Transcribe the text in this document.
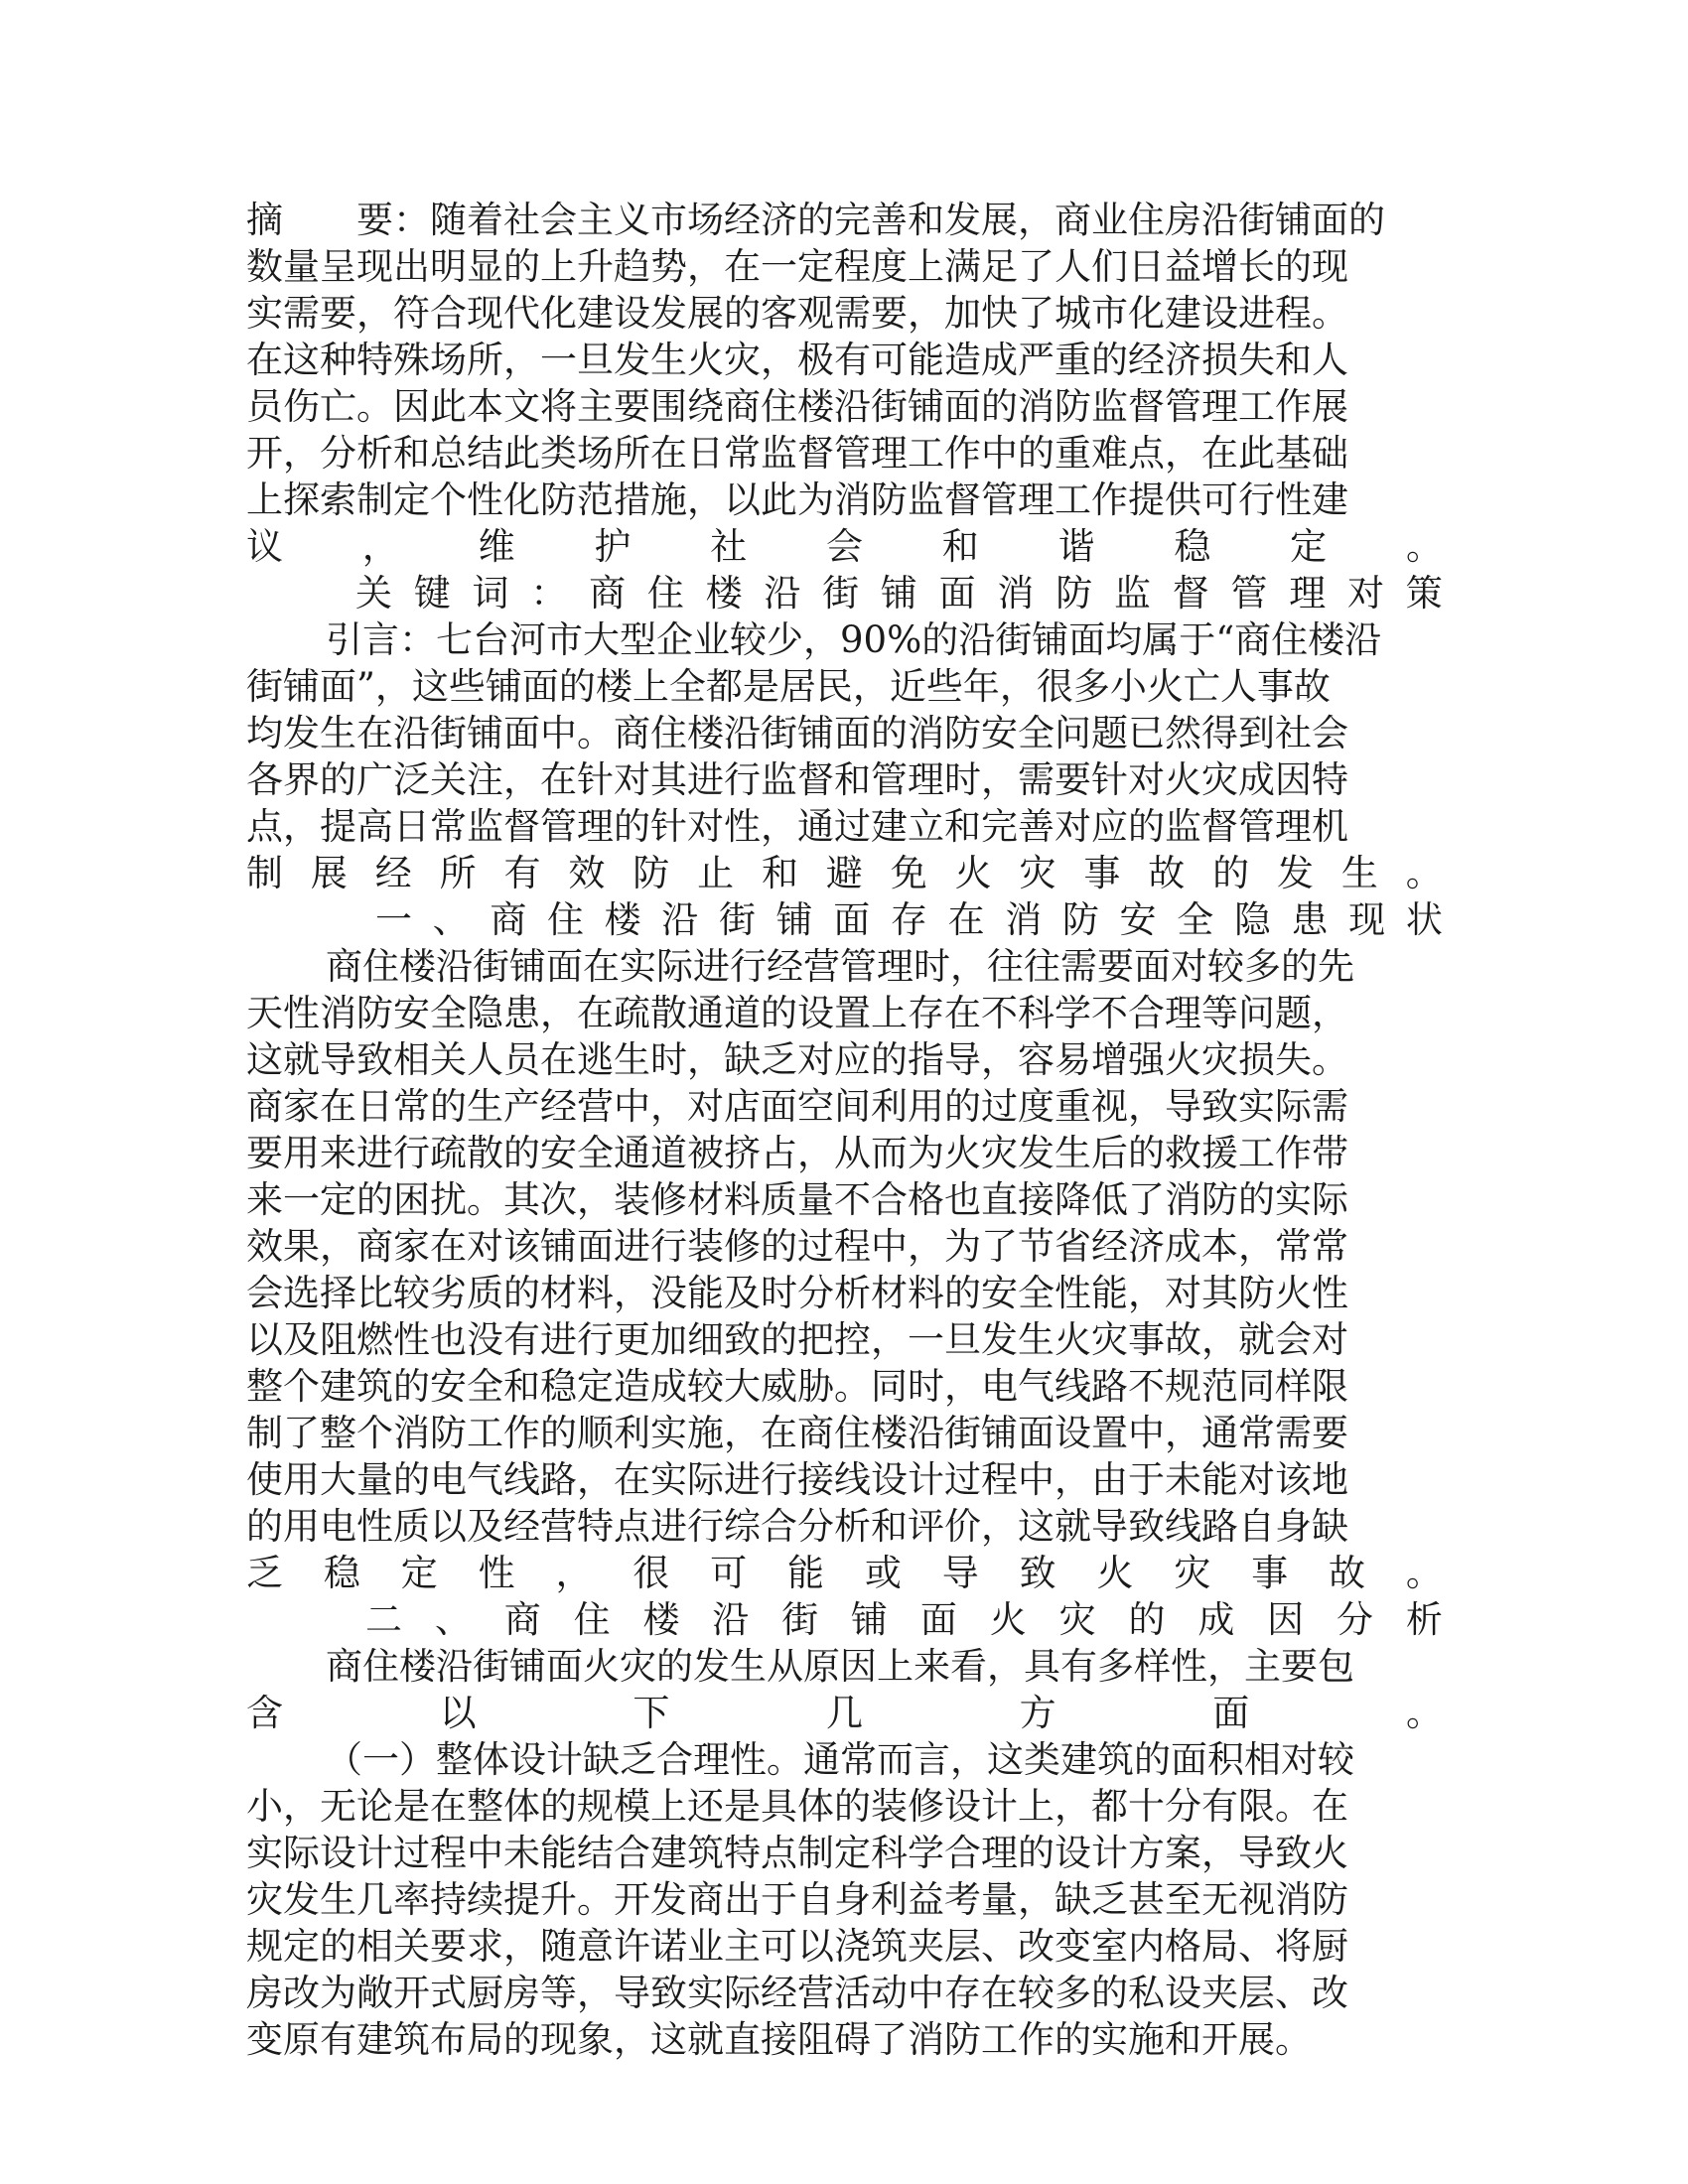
摘　　要：随着社会主义市场经济的完善和发展，商业住房沿街铺面的
数量呈现出明显的上升趋势，在一定程度上满足了人们日益增长的现
实需要，符合现代化建设发展的客观需要，加快了城市化建设进程。
在这种特殊场所，一旦发生火灾，极有可能造成严重的经济损失和人
员伤亡。因此本文将主要围绕商住楼沿街铺面的消防监督管理工作展
开，分析和总结此类场所在日常监督管理工作中的重难点，在此基础
上探索制定个性化防范措施，以此为消防监督管理工作提供可行性建
议 ， 维 护 社 会 和 谐 稳 定 。
关 键 词 ： 商 住 楼 沿 街 铺 面 消 防 监 督 管 理 对 策
引言：七台河市大型企业较少，90%的沿街铺面均属于“商住楼沿
街铺面”，这些铺面的楼上全都是居民，近些年，很多小火亡人事故
均发生在沿街铺面中。商住楼沿街铺面的消防安全问题已然得到社会
各界的广泛关注，在针对其进行监督和管理时，需要针对火灾成因特
点，提高日常监督管理的针对性，通过建立和完善对应的监督管理机
制 展 经 所 有 效 防 止 和 避 免 火 灾 事 故 的 发 生 。
一 、 商 住 楼 沿 街 铺 面 存 在 消 防 安 全 隐 患 现 状
商住楼沿街铺面在实际进行经营管理时，往往需要面对较多的先
天性消防安全隐患，在疏散通道的设置上存在不科学不合理等问题，
这就导致相关人员在逃生时，缺乏对应的指导，容易增强火灾损失。
商家在日常的生产经营中，对店面空间利用的过度重视，导致实际需
要用来进行疏散的安全通道被挤占，从而为火灾发生后的救援工作带
来一定的困扰。其次，装修材料质量不合格也直接降低了消防的实际
效果，商家在对该铺面进行装修的过程中，为了节省经济成本，常常
会选择比较劣质的材料，没能及时分析材料的安全性能，对其防火性
以及阻燃性也没有进行更加细致的把控，一旦发生火灾事故，就会对
整个建筑的安全和稳定造成较大威胁。同时，电气线路不规范同样限
制了整个消防工作的顺利实施，在商住楼沿街铺面设置中，通常需要
使用大量的电气线路，在实际进行接线设计过程中，由于未能对该地
的用电性质以及经营特点进行综合分析和评价，这就导致线路自身缺
乏 稳 定 性 ， 很 可 能 或 导 致 火 灾 事 故 。
二 、 商 住 楼 沿 街 铺 面 火 灾 的 成 因 分 析
商住楼沿街铺面火灾的发生从原因上来看，具有多样性，主要包
含	以	下	几	方	面	。
（一）整体设计缺乏合理性。通常而言，这类建筑的面积相对较
小，无论是在整体的规模上还是具体的装修设计上，都十分有限。在
实际设计过程中未能结合建筑特点制定科学合理的设计方案，导致火
灾发生几率持续提升。开发商出于自身利益考量，缺乏甚至无视消防
规定的相关要求，随意许诺业主可以浇筑夹层、改变室内格局、将厨
房改为敞开式厨房等，导致实际经营活动中存在较多的私设夹层、改
变原有建筑布局的现象，这就直接阻碍了消防工作的实施和开展。
